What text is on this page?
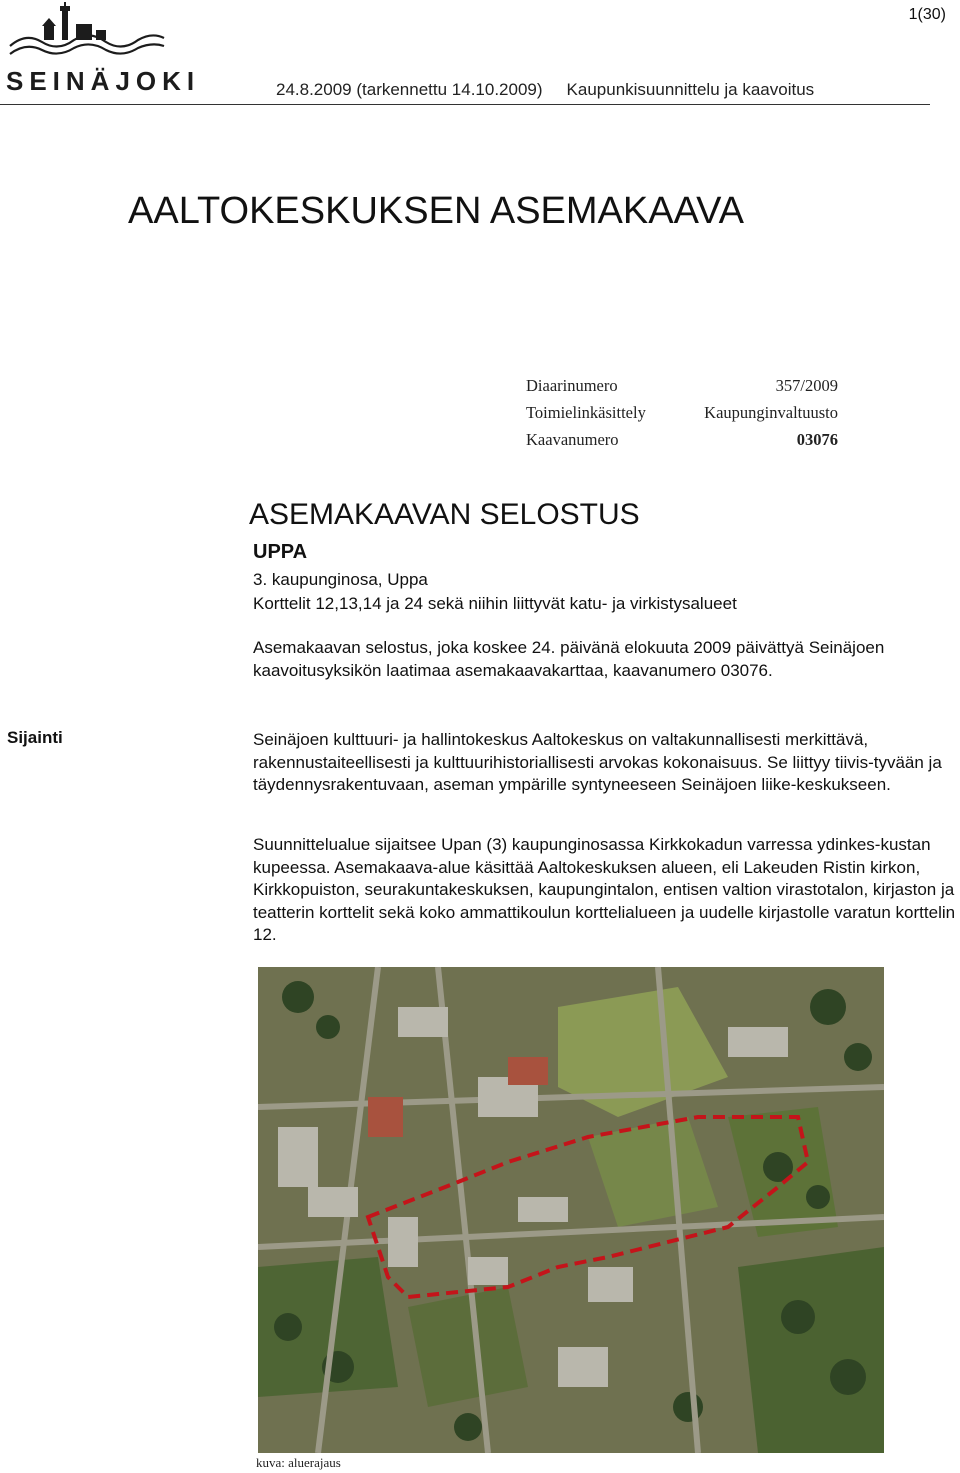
1(30)
SEINÄJOKI	24.8.2009 (tarkennettu 14.10.2009) Kaupunkisuunnittelu ja kaavoitus
AALTOKESKUKSEN ASEMAKAAVA
Diaarinumero	357/2009
Toimielinkäsittely	Kaupunginvaltuusto
Kaavanumero	03076
ASEMAKAAVAN SELOSTUS
UPPA
3. kaupunginosa, Uppa
Korttelit 12,13,14 ja 24 sekä niihin liittyvät katu- ja virkistysalueet
Asemakaavan selostus, joka koskee 24. päivänä elokuuta 2009 päivättyä Seinäjoen kaavoitusyksikön laatimaa asemakaavakarttaa, kaavanumero 03076.
Sijainti	Seinäjoen kulttuuri- ja hallintokeskus Aaltokeskus on valtakunnallisesti merkittävä, rakennustaiteellisesti ja kulttuurihistoriallisesti arvokas kokonaisuus. Se liittyy tiivis-tyvään ja täydennysrakentuvaan, aseman ympärille syntyneeseen Seinäjoen liike-keskukseen.
Suunnittelualue sijaitsee Upan (3) kaupunginosassa Kirkkokadun varressa ydinkes-kustan kupeessa. Asemakaava-alue käsittää Aaltokeskuksen alueen, eli Lakeuden Ristin kirkon, Kirkkopuiston, seurakuntakeskuksen, kaupungintalon, entisen valtion virastotalon, kirjaston ja teatterin korttelit sekä koko ammattikoulun korttelialueen ja uudelle kirjastolle varatun korttelin 12.
kuva: aluerajaus
